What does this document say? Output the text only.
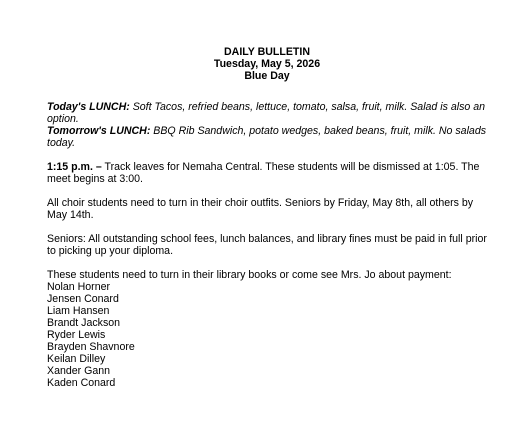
DAILY BULLETIN
Tuesday, May 5, 2026
Blue Day
Today's LUNCH: Soft Tacos, refried beans, lettuce, tomato, salsa, fruit, milk. Salad is also an option.
Tomorrow's LUNCH: BBQ Rib Sandwich, potato wedges, baked beans, fruit, milk. No salads today.
1:15 p.m. – Track leaves for Nemaha Central. These students will be dismissed at 1:05. The meet begins at 3:00.
All choir students need to turn in their choir outfits. Seniors by Friday, May 8th, all others by May 14th.
Seniors: All outstanding school fees, lunch balances, and library fines must be paid in full prior to picking up your diploma.
These students need to turn in their library books or come see Mrs. Jo about payment:
Nolan Horner
Jensen Conard
Liam Hansen
Brandt Jackson
Ryder Lewis
Brayden Shavnore
Keilan Dilley
Xander Gann
Kaden Conard
